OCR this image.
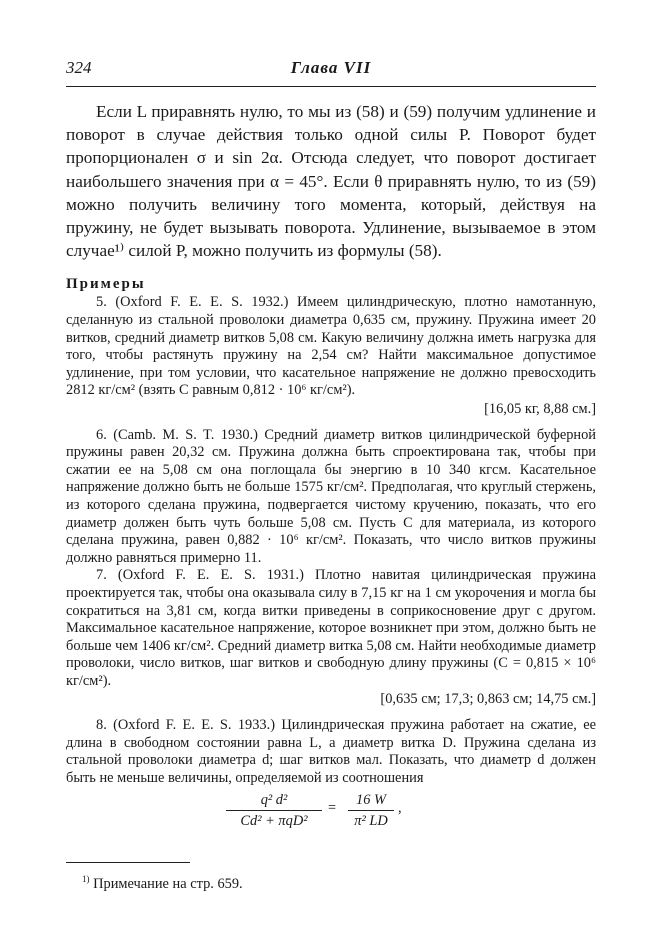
324	Глава VII

Если L приравнять нулю, то мы из (58) и (59) получим удлинение и поворот в случае действия только одной силы P. Поворот будет пропорционален σ и sin 2α. Отсюда следует, что поворот достигает наибольшего значения при α = 45°. Если θ приравнять нулю, то из (59) можно получить величину того момента, который, действуя на пружину, не будет вызывать поворота. Удлинение, вызываемое в этом случае¹⁾ силой P, можно получить из формулы (58).

Примеры

5. (Oxford F. E. E. S. 1932.) Имеем цилиндрическую, плотно намотанную, сделанную из стальной проволоки диаметра 0,635 см, пружину. Пружина имеет 20 витков, средний диаметр витков 5,08 см. Какую величину должна иметь нагрузка для того, чтобы растянуть пружину на 2,54 см? Найти максимальное допустимое удлинение, при том условии, что касательное напряжение не должно превосходить 2812 кг/см² (взять C равным 0,812 · 10⁶ кг/см²).

[16,05 кг, 8,88 см.]

6. (Camb. M. S. T. 1930.) Средний диаметр витков цилиндрической буферной пружины равен 20,32 см. Пружина должна быть спроектирована так, чтобы при сжатии ее на 5,08 см она поглощала бы энергию в 10 340 кгсм. Касательное напряжение должно быть не больше 1575 кг/см². Предполагая, что круглый стержень, из которого сделана пружина, подвергается чистому кручению, показать, что его диаметр должен быть чуть больше 5,08 см. Пусть C для материала, из которого сделана пружина, равен 0,882 · 10⁶ кг/см². Показать, что число витков пружины должно равняться примерно 11.

7. (Oxford F. E. E. S. 1931.) Плотно навитая цилиндрическая пружина проектируется так, чтобы она оказывала силу в 7,15 кг на 1 см укорочения и могла бы сократиться на 3,81 см, когда витки приведены в соприкосновение друг с другом. Максимальное касательное напряжение, которое возникнет при этом, должно быть не больше чем 1406 кг/см². Средний диаметр витка 5,08 см. Найти необходимые диаметр проволоки, число витков, шаг витков и свободную длину пружины (C = 0,815 × 10⁶ кг/см²).

[0,635 см; 17,3; 0,863 см; 14,75 см.]

8. (Oxford F. E. E. S. 1933.) Цилиндрическая пружина работает на сжатие, ее длина в свободном состоянии равна L, а диаметр витка D. Пружина сделана из стальной проволоки диаметра d; шаг витков мал. Показать, что диаметр d должен быть не меньше величины, определяемой из соотношения

q² d²
Cd² + πqD²
=	16 W
π² LD
,
$^{1)}$ Примечание на стр. 659.
